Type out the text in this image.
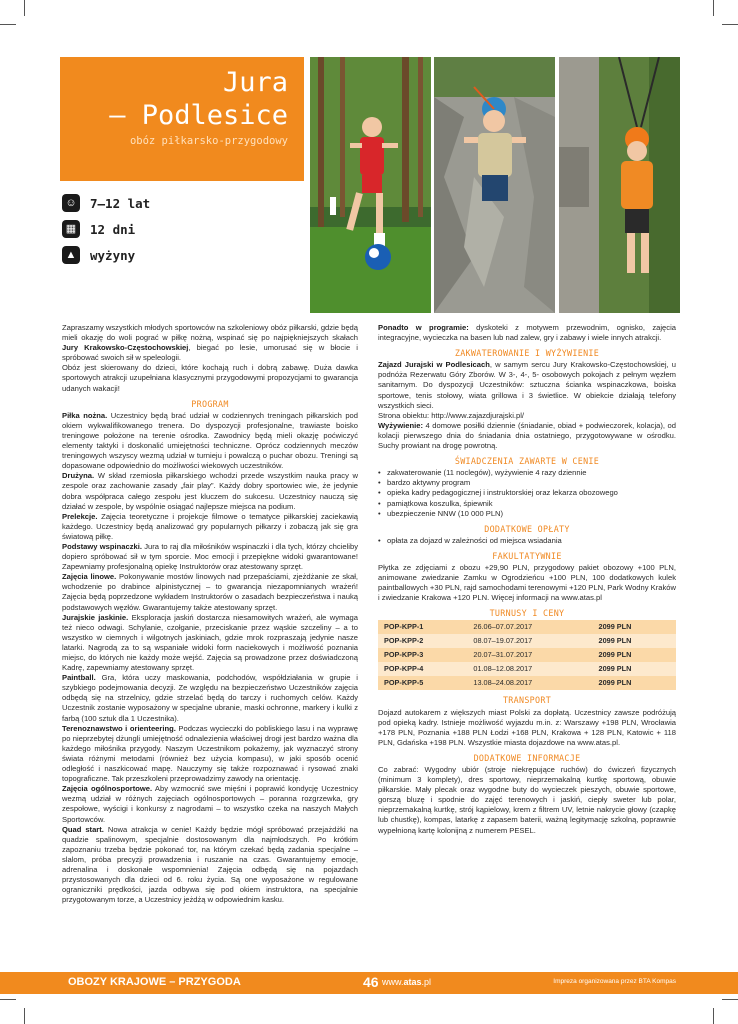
Jura
– Podlesice
obóz piłkarsko-przygodowy
☺ 7–12 lat
▦	12 dni
▲ wyżyny

Zapraszamy wszystkich młodych sportowców na szkoleniowy obóz piłkarski, gdzie będą mieli okazję do woli pograć w piłkę nożną, wspinać się po najpiękniejszych skałach Jury Krakowsko-Częstochowskiej, biegać po lesie, umorusać się w błocie i spróbować swoich sił w speleologii.

Obóz jest skierowany do dzieci, które kochają ruch i dobrą zabawę. Duża dawka sportowych atrakcji uzupełniana klasycznymi przygodowymi propozycjami to gwarancja udanych wakacji!

PROGRAM

Piłka nożna. Uczestnicy będą brać udział w codziennych treningach piłkarskich pod okiem wykwalifikowanego trenera. Do dyspozycji profesjonalne, trawiaste boisko treningowe położone na terenie ośrodka. Zawodnicy będą mieli okazję poćwiczyć elementy taktyki i doskonalić umiejętności techniczne. Oprócz codziennych meczów treningowych wszyscy wezmą udział w turnieju i powalczą o puchar obozu. Treningi są dopasowane odpowiednio do możliwości wiekowych uczestników.

Drużyna. W skład rzemiosła piłkarskiego wchodzi przede wszystkim nauka pracy w zespole oraz zachowanie zasady „fair play”. Każdy dobry sportowiec wie, że jedynie dobra współpraca całego zespołu jest kluczem do sukcesu. Uczestnicy nauczą się działać w zespole, by wspólnie osiągać najlepsze miejsca na podium.

Prelekcje. Zajęcia teoretyczne i projekcje filmowe o tematyce piłkarskiej zaciekawią każdego. Uczestnicy będą analizować gry popularnych piłkarzy i zobaczą jak się gra światową piłkę.

Podstawy wspinaczki. Jura to raj dla miłośników wspinaczki i dla tych, którzy chcieliby dopiero spróbować sił w tym sporcie. Moc emocji i przepiękne widoki gwarantowane! Zapewniamy profesjonalną opiekę Instruktorów oraz atestowany sprzęt.

Zajęcia linowe. Pokonywanie mostów linowych nad przepaściami, zjeżdżanie ze skał, wchodzenie po drabince alpinistycznej – to gwarancja niezapomnianych wrażeń! Zajęcia będą poprzedzone wykładem Instruktorów o zasadach bezpieczeństwa i nauką podstawowych węzłów. Gwarantujemy także atestowany sprzęt.

Jurajskie jaskinie. Eksploracja jaskiń dostarcza niesamowitych wrażeń, ale wymaga też nieco odwagi. Schylanie, czołganie, przeciskanie przez wąskie szczeliny – a to wszystko w ciemnych i wilgotnych jaskiniach, gdzie mrok rozpraszają jedynie nasze latarki. Nagrodą za to są wspaniałe widoki form naciekowych i możliwość poznania miejsc, do których nie każdy może wejść. Zajęcia są prowadzone przez doświadczoną Kadrę, zapewniamy atestowany sprzęt.

Paintball. Gra, która uczy maskowania, podchodów, współdziałania w grupie i szybkiego podejmowania decyzji. Ze względu na bezpieczeństwo Uczestników zajęcia odbędą się na strzelnicy, gdzie strzelać będą do tarczy i ruchomych celów. Każdy Uczestnik zostanie wyposażony w specjalne ubranie, maski ochronne, markery i kulki z farbą (100 sztuk dla 1 Uczestnika).

Terenoznawstwo i orienteering. Podczas wycieczki do pobliskiego lasu i na wyprawę po nieprzebytej dżungli umiejętność odnalezienia właściwej drogi jest bardzo ważna dla każdego miłośnika przygody. Naszym Uczestnikom pokażemy, jak wyznaczyć strony świata różnymi metodami (również bez użycia kompasu), w jaki sposób ocenić odległość i naszkicować mapę. Nauczymy się także rozpoznawać i rysować znaki topograficzne. Tak przeszkoleni przeprowadzimy zawody na orientację.

Zajęcia ogólnosportowe. Aby wzmocnić swe mięśni i poprawić kondycję Uczestnicy wezmą udział w różnych zajęciach ogólnosportowych – poranna rozgrzewka, gry zespołowe, wyścigi i konkursy z nagrodami – to wszystko czeka na naszych Małych Sportowców.

Quad start. Nowa atrakcja w cenie! Każdy będzie mógł spróbować przejażdżki na quadzie spalinowym, specjalnie dostosowanym dla najmłodszych. Po krótkim zapoznaniu trzeba będzie pokonać tor, na którym czekać będą zadania specjalne – slalom, próba precyzji prowadzenia i ruszanie na czas. Gwarantujemy emocje, adrenalina i doskonałe wspomnienia! Zajęcia odbędą się na pojazdach przystosowanych dla dzieci od 6. roku życia. Są one wyposażone w regulowane ograniczniki prędkości, jazda odbywa się pod okiem instruktora, na specjalnie przygotowanym torze, a Uczestnicy jeżdżą w odpowiednim kasku.

Ponadto w programie: dyskoteki z motywem przewodnim, ognisko, zajęcia integracyjne, wycieczka na basen lub nad zalew, gry i zabawy i wiele innych atrakcji.

ZAKWATEROWANIE I WYŻYWIENIE

Zajazd Jurajski w Podlesicach, w samym sercu Jury Krakowsko-Częstochowskiej, u podnóża Rezerwatu Góry Zborów. W 3-, 4-, 5- osobowych pokojach z pełnym węzłem sanitarnym. Do dyspozycji Uczestników: sztuczna ścianka wspinaczkowa, boiska sportowe, tenis stołowy, wiata grillowa i 3 świetlice. W obiekcie działają telefony wszystkich sieci.

Strona obiektu: http://www.zajazdjurajski.pl/

Wyżywienie: 4 domowe posiłki dziennie (śniadanie, obiad + podwieczorek, kolacja), od kolacji pierwszego dnia do śniadania dnia ostatniego, przygotowywane w ośrodku. Suchy prowiant na drogę powrotną.

ŚWIADCZENIA ZAWARTE W CENIE
• zakwaterowanie (11 noclegów), wyżywienie 4 razy dziennie
• bardzo aktywny program
• opieka kadry pedagogicznej i instruktorskiej oraz lekarza obozowego
• pamiątkowa koszulka, śpiewnik
• ubezpieczenie NNW (10 000 PLN)
DODATKOWE OPŁATY
• opłata za dojazd w zależności od miejsca wsiadania
FAKULTATYWNIE

Płytka ze zdjęciami z obozu +29,90 PLN, przygodowy pakiet obozowy +100 PLN, animowane zwiedzanie Zamku w Ogrodzieńcu +100 PLN, 100 dodatkowych kulek paintballowych +30 PLN, rajd samochodami terenowymi +120 PLN, Park Wodny Kraków i zwiedzanie Krakowa +120 PLN. Więcej informacji na www.atas.pl

TURNUSY I CENY
POP-KPP-1	26.06–07.07.2017	2099 PLN
POP-KPP-2	08.07–19.07.2017	2099 PLN
POP-KPP-3	20.07–31.07.2017	2099 PLN
POP-KPP-4	01.08–12.08.2017	2099 PLN
POP-KPP-5	13.08–24.08.2017	2099 PLN
TRANSPORT

Dojazd autokarem z większych miast Polski za dopłatą. Uczestnicy zawsze podróżują pod opieką kadry. Istnieje możliwość wyjazdu m.in. z: Warszawy +198 PLN, Wrocławia +178 PLN, Poznania +188 PLN Łodzi +168 PLN, Krakowa + 128 PLN, Katowic + 118 PLN, Gdańska +198 PLN. Wszystkie miasta dojazdowe na www.atas.pl.

DODATKOWE INFORMACJE

Co zabrać: Wygodny ubiór (stroje niekrępujące ruchów) do ćwiczeń fizycznych (minimum 3 komplety), dres sportowy, nieprzemakalną kurtkę sportową, obuwie piłkarskie. Mały plecak oraz wygodne buty do wycieczek pieszych, obuwie sportowe, gorszą bluzę i spodnie do zajęć terenowych i jaskiń, ciepły sweter lub polar, nieprzemakalną kurtkę, strój kąpielowy, krem z filtrem UV, letnie nakrycie głowy (czapkę lub chustkę), kompas, latarkę z zapasem baterii, ważną legitymację szkolną, poprawnie wypełnioną kartę kolonijną z numerem PESEL.

OBOZY KRAJOWE – PRZYGODA	46 www.atas.pl	Impreza organizowana przez BTA Kompas
